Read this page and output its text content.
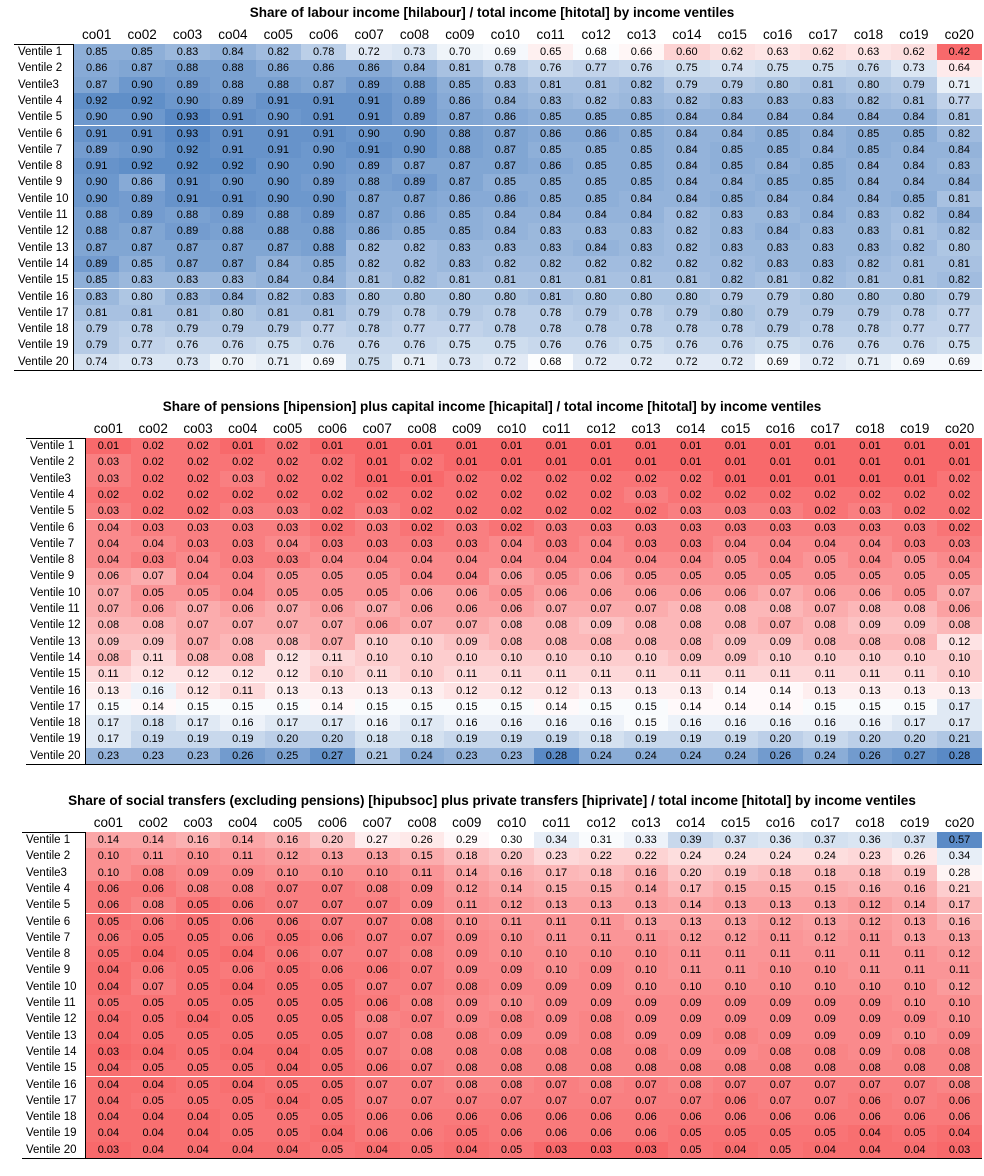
Share of labour income [hilabour] / total income [hitotal] by income ventiles
co01	co02	co03	co04	co05	co06	co07	co08	co09	co10	co11	co12	co13	co14	co15	co16	co17	co18	co19	co20
Ventile 1	0.85	0.85	0.83	0.84	0.82	0.78	0.72	0.73	0.70	0.69	0.65	0.68	0.66	0.60	0.62	0.63	0.62	0.63	0.62	0.42
Ventile 2	0.86	0.87	0.88	0.88	0.86	0.86	0.86	0.84	0.81	0.78	0.76	0.77	0.76	0.75	0.74	0.75	0.75	0.76	0.73	0.64
Ventile3	0.87	0.90	0.89	0.88	0.88	0.87	0.89	0.88	0.85	0.83	0.81	0.81	0.82	0.79	0.79	0.80	0.81	0.80	0.79	0.71
Ventile 4	0.92	0.92	0.90	0.89	0.91	0.91	0.91	0.89	0.86	0.84	0.83	0.82	0.83	0.82	0.83	0.83	0.83	0.82	0.81	0.77
Ventile 5	0.90	0.90	0.93	0.91	0.90	0.91	0.91	0.89	0.87	0.86	0.85	0.85	0.85	0.84	0.84	0.84	0.84	0.84	0.84	0.81
Ventile 6	0.91	0.91	0.93	0.91	0.91	0.91	0.90	0.90	0.88	0.87	0.86	0.86	0.85	0.84	0.84	0.85	0.84	0.85	0.85	0.82
Ventile 7	0.89	0.90	0.92	0.91	0.91	0.90	0.91	0.90	0.88	0.87	0.85	0.85	0.85	0.84	0.85	0.85	0.84	0.85	0.84	0.84
Ventile 8	0.91	0.92	0.92	0.92	0.90	0.90	0.89	0.87	0.87	0.87	0.86	0.85	0.85	0.84	0.85	0.84	0.85	0.84	0.84	0.83
Ventile 9	0.90	0.86	0.91	0.90	0.90	0.89	0.88	0.89	0.87	0.85	0.85	0.85	0.85	0.84	0.84	0.85	0.85	0.84	0.84	0.84
Ventile 10	0.90	0.89	0.91	0.91	0.90	0.90	0.87	0.87	0.86	0.86	0.85	0.85	0.84	0.84	0.85	0.84	0.84	0.84	0.85	0.81
Ventile 11	0.88	0.89	0.88	0.89	0.88	0.89	0.87	0.86	0.85	0.84	0.84	0.84	0.84	0.82	0.83	0.83	0.84	0.83	0.82	0.84
Ventile 12	0.88	0.87	0.89	0.88	0.88	0.88	0.86	0.85	0.85	0.84	0.83	0.83	0.83	0.82	0.83	0.84	0.83	0.83	0.81	0.82
Ventile 13	0.87	0.87	0.87	0.87	0.87	0.88	0.82	0.82	0.83	0.83	0.83	0.84	0.83	0.82	0.83	0.83	0.83	0.83	0.82	0.80
Ventile 14	0.89	0.85	0.87	0.87	0.84	0.85	0.82	0.82	0.83	0.82	0.82	0.82	0.82	0.82	0.82	0.83	0.83	0.82	0.81	0.81
Ventile 15	0.85	0.83	0.83	0.83	0.84	0.84	0.81	0.82	0.81	0.81	0.81	0.81	0.81	0.81	0.82	0.81	0.82	0.81	0.81	0.82
Ventile 16	0.83	0.80	0.83	0.84	0.82	0.83	0.80	0.80	0.80	0.80	0.81	0.80	0.80	0.80	0.79	0.79	0.80	0.80	0.80	0.79
Ventile 17	0.81	0.81	0.81	0.80	0.81	0.81	0.79	0.78	0.79	0.78	0.78	0.79	0.78	0.79	0.80	0.79	0.79	0.79	0.78	0.77
Ventile 18	0.79	0.78	0.79	0.79	0.79	0.77	0.78	0.77	0.77	0.78	0.78	0.78	0.78	0.78	0.78	0.79	0.78	0.78	0.77	0.77
Ventile 19	0.79	0.77	0.76	0.76	0.75	0.76	0.76	0.76	0.75	0.75	0.76	0.76	0.75	0.76	0.76	0.75	0.76	0.76	0.76	0.75
Ventile 20	0.74	0.73	0.73	0.70	0.71	0.69	0.75	0.71	0.73	0.72	0.68	0.72	0.72	0.72	0.72	0.69	0.72	0.71	0.69	0.69
Share of pensions [hipension] plus capital income [hicapital] / total income [hitotal] by income ventiles
co01	co02	co03	co04	co05	co06	co07	co08	co09	co10	co11	co12	co13	co14	co15	co16	co17	co18	co19	co20
Ventile 1	0.01	0.02	0.02	0.01	0.02	0.01	0.01	0.01	0.01	0.01	0.01	0.01	0.01	0.01	0.01	0.01	0.01	0.01	0.01	0.01
Ventile 2	0.03	0.02	0.02	0.02	0.02	0.02	0.01	0.02	0.01	0.01	0.01	0.01	0.01	0.01	0.01	0.01	0.01	0.01	0.01	0.01
Ventile3	0.03	0.02	0.02	0.03	0.02	0.02	0.01	0.01	0.02	0.02	0.02	0.02	0.02	0.02	0.01	0.01	0.01	0.01	0.01	0.02
Ventile 4	0.02	0.02	0.02	0.02	0.02	0.02	0.02	0.02	0.02	0.02	0.02	0.02	0.03	0.02	0.02	0.02	0.02	0.02	0.02	0.02
Ventile 5	0.03	0.02	0.02	0.03	0.03	0.02	0.03	0.02	0.02	0.02	0.02	0.02	0.02	0.03	0.03	0.03	0.02	0.03	0.02	0.02
Ventile 6	0.04	0.03	0.03	0.03	0.03	0.02	0.03	0.02	0.03	0.02	0.03	0.03	0.03	0.03	0.03	0.03	0.03	0.03	0.03	0.02
Ventile 7	0.04	0.04	0.03	0.03	0.04	0.03	0.03	0.03	0.03	0.04	0.03	0.04	0.03	0.03	0.04	0.04	0.04	0.04	0.03	0.03
Ventile 8	0.04	0.03	0.04	0.03	0.03	0.04	0.04	0.04	0.04	0.04	0.04	0.04	0.04	0.04	0.05	0.04	0.05	0.04	0.05	0.04
Ventile 9	0.06	0.07	0.04	0.04	0.05	0.05	0.05	0.04	0.04	0.06	0.05	0.06	0.05	0.05	0.05	0.05	0.05	0.05	0.05	0.05
Ventile 10	0.07	0.05	0.05	0.04	0.05	0.05	0.05	0.06	0.06	0.05	0.06	0.06	0.06	0.06	0.06	0.07	0.06	0.06	0.05	0.07
Ventile 11	0.07	0.06	0.07	0.06	0.07	0.06	0.07	0.06	0.06	0.06	0.07	0.07	0.07	0.08	0.08	0.08	0.07	0.08	0.08	0.06
Ventile 12	0.08	0.08	0.07	0.07	0.07	0.07	0.06	0.07	0.07	0.08	0.08	0.09	0.08	0.08	0.08	0.07	0.08	0.09	0.09	0.08
Ventile 13	0.09	0.09	0.07	0.08	0.08	0.07	0.10	0.10	0.09	0.08	0.08	0.08	0.08	0.08	0.09	0.09	0.08	0.08	0.08	0.12
Ventile 14	0.08	0.11	0.08	0.08	0.12	0.11	0.10	0.10	0.10	0.10	0.10	0.10	0.10	0.09	0.09	0.10	0.10	0.10	0.10	0.10
Ventile 15	0.11	0.12	0.12	0.12	0.12	0.10	0.11	0.10	0.11	0.11	0.11	0.11	0.11	0.11	0.11	0.11	0.11	0.11	0.11	0.10
Ventile 16	0.13	0.16	0.12	0.11	0.13	0.13	0.13	0.13	0.12	0.12	0.12	0.13	0.13	0.13	0.14	0.14	0.13	0.13	0.13	0.13
Ventile 17	0.15	0.14	0.15	0.15	0.15	0.14	0.15	0.15	0.15	0.15	0.14	0.15	0.15	0.14	0.14	0.14	0.15	0.15	0.15	0.17
Ventile 18	0.17	0.18	0.17	0.16	0.17	0.17	0.16	0.17	0.16	0.16	0.16	0.16	0.15	0.16	0.16	0.16	0.16	0.16	0.17	0.17
Ventile 19	0.17	0.19	0.19	0.19	0.20	0.20	0.18	0.18	0.19	0.19	0.19	0.18	0.19	0.19	0.19	0.20	0.19	0.20	0.20	0.21
Ventile 20	0.23	0.23	0.23	0.26	0.25	0.27	0.21	0.24	0.23	0.23	0.28	0.24	0.24	0.24	0.24	0.26	0.24	0.26	0.27	0.28
Share of social transfers (excluding pensions) [hipubsoc] plus private transfers [hiprivate] / total income [hitotal] by income ventiles
co01	co02	co03	co04	co05	co06	co07	co08	co09	co10	co11	co12	co13	co14	co15	co16	co17	co18	co19	co20
Ventile 1	0.14	0.14	0.16	0.14	0.16	0.20	0.27	0.26	0.29	0.30	0.34	0.31	0.33	0.39	0.37	0.36	0.37	0.36	0.37	0.57
Ventile 2	0.10	0.11	0.10	0.11	0.12	0.13	0.13	0.15	0.18	0.20	0.23	0.22	0.22	0.24	0.24	0.24	0.24	0.23	0.26	0.34
Ventile3	0.10	0.08	0.09	0.09	0.10	0.10	0.10	0.11	0.14	0.16	0.17	0.18	0.16	0.20	0.19	0.18	0.18	0.18	0.19	0.28
Ventile 4	0.06	0.06	0.08	0.08	0.07	0.07	0.08	0.09	0.12	0.14	0.15	0.15	0.14	0.17	0.15	0.15	0.15	0.16	0.16	0.21
Ventile 5	0.06	0.08	0.05	0.06	0.07	0.07	0.07	0.09	0.11	0.12	0.13	0.13	0.13	0.14	0.13	0.13	0.13	0.12	0.14	0.17
Ventile 6	0.05	0.06	0.05	0.06	0.06	0.07	0.07	0.08	0.10	0.11	0.11	0.11	0.13	0.13	0.13	0.12	0.13	0.12	0.13	0.16
Ventile 7	0.06	0.05	0.05	0.06	0.05	0.06	0.07	0.07	0.09	0.10	0.11	0.11	0.11	0.12	0.12	0.11	0.12	0.11	0.13	0.13
Ventile 8	0.05	0.04	0.05	0.04	0.06	0.07	0.07	0.08	0.09	0.10	0.10	0.10	0.10	0.11	0.11	0.11	0.11	0.11	0.11	0.12
Ventile 9	0.04	0.06	0.05	0.06	0.05	0.06	0.06	0.07	0.09	0.09	0.10	0.09	0.10	0.11	0.11	0.10	0.10	0.11	0.11	0.11
Ventile 10	0.04	0.07	0.05	0.04	0.05	0.05	0.07	0.07	0.08	0.09	0.09	0.09	0.10	0.10	0.10	0.10	0.10	0.10	0.10	0.12
Ventile 11	0.05	0.05	0.05	0.05	0.05	0.05	0.06	0.08	0.09	0.10	0.09	0.09	0.09	0.09	0.09	0.09	0.09	0.09	0.10	0.10
Ventile 12	0.04	0.05	0.04	0.05	0.05	0.05	0.08	0.07	0.09	0.08	0.09	0.08	0.09	0.09	0.09	0.09	0.09	0.09	0.09	0.10
Ventile 13	0.04	0.05	0.05	0.05	0.05	0.05	0.07	0.08	0.08	0.09	0.09	0.08	0.09	0.09	0.08	0.09	0.09	0.09	0.10	0.09
Ventile 14	0.03	0.04	0.05	0.04	0.04	0.05	0.07	0.08	0.08	0.08	0.08	0.08	0.08	0.09	0.09	0.08	0.08	0.09	0.08	0.08
Ventile 15	0.04	0.05	0.05	0.05	0.04	0.05	0.06	0.07	0.08	0.08	0.08	0.08	0.08	0.08	0.08	0.08	0.08	0.08	0.08	0.08
Ventile 16	0.04	0.04	0.05	0.04	0.05	0.05	0.07	0.07	0.08	0.08	0.07	0.08	0.07	0.08	0.07	0.07	0.07	0.07	0.07	0.08
Ventile 17	0.04	0.05	0.05	0.05	0.04	0.05	0.07	0.07	0.07	0.07	0.07	0.07	0.07	0.07	0.06	0.07	0.07	0.06	0.07	0.06
Ventile 18	0.04	0.04	0.04	0.05	0.05	0.05	0.06	0.06	0.06	0.06	0.06	0.06	0.06	0.06	0.06	0.06	0.06	0.06	0.06	0.06
Ventile 19	0.04	0.04	0.04	0.05	0.05	0.04	0.06	0.06	0.05	0.06	0.06	0.06	0.06	0.05	0.05	0.05	0.05	0.04	0.05	0.04
Ventile 20	0.03	0.04	0.04	0.04	0.04	0.05	0.04	0.05	0.04	0.05	0.03	0.03	0.03	0.05	0.04	0.05	0.04	0.04	0.04	0.03
